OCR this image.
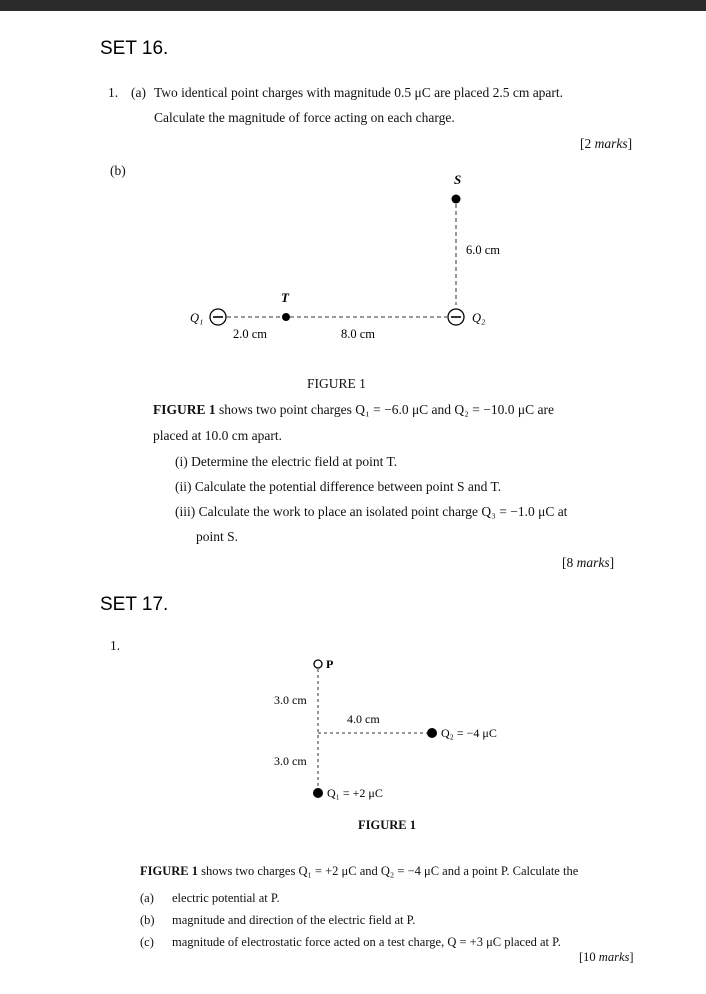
SET 16.
1. (a) Two identical point charges with magnitude 0.5 μC are placed 2.5 cm apart.
Calculate the magnitude of force acting on each charge.
[2 marks]
(b)
S
6.0 cm
Q₁
T
Q₂
2.0 cm	8.0 cm
FIGURE 1
FIGURE 1 shows two point charges Q₁ = −6.0 μC and Q₂ = −10.0 μC are
placed at 10.0 cm apart.
(i) Determine the electric field at point T.
(ii) Calculate the potential difference between point S and T.
(iii) Calculate the work to place an isolated point charge Q₃ = −1.0 μC at
point S.
[8 marks]
SET 17.
1.
P
3.0 cm
3.0 cm
4.0 cm
Q₂ = −4 μC
Q₁ = +2 μC
FIGURE 1
FIGURE 1 shows two charges Q₁ = +2 μC and Q₂ = −4 μC and a point P. Calculate the
(a) electric potential at P.
(b) magnitude and direction of the electric field at P.
(c) magnitude of electrostatic force acted on a test charge, Q = +3 μC placed at P.
[10 marks]
